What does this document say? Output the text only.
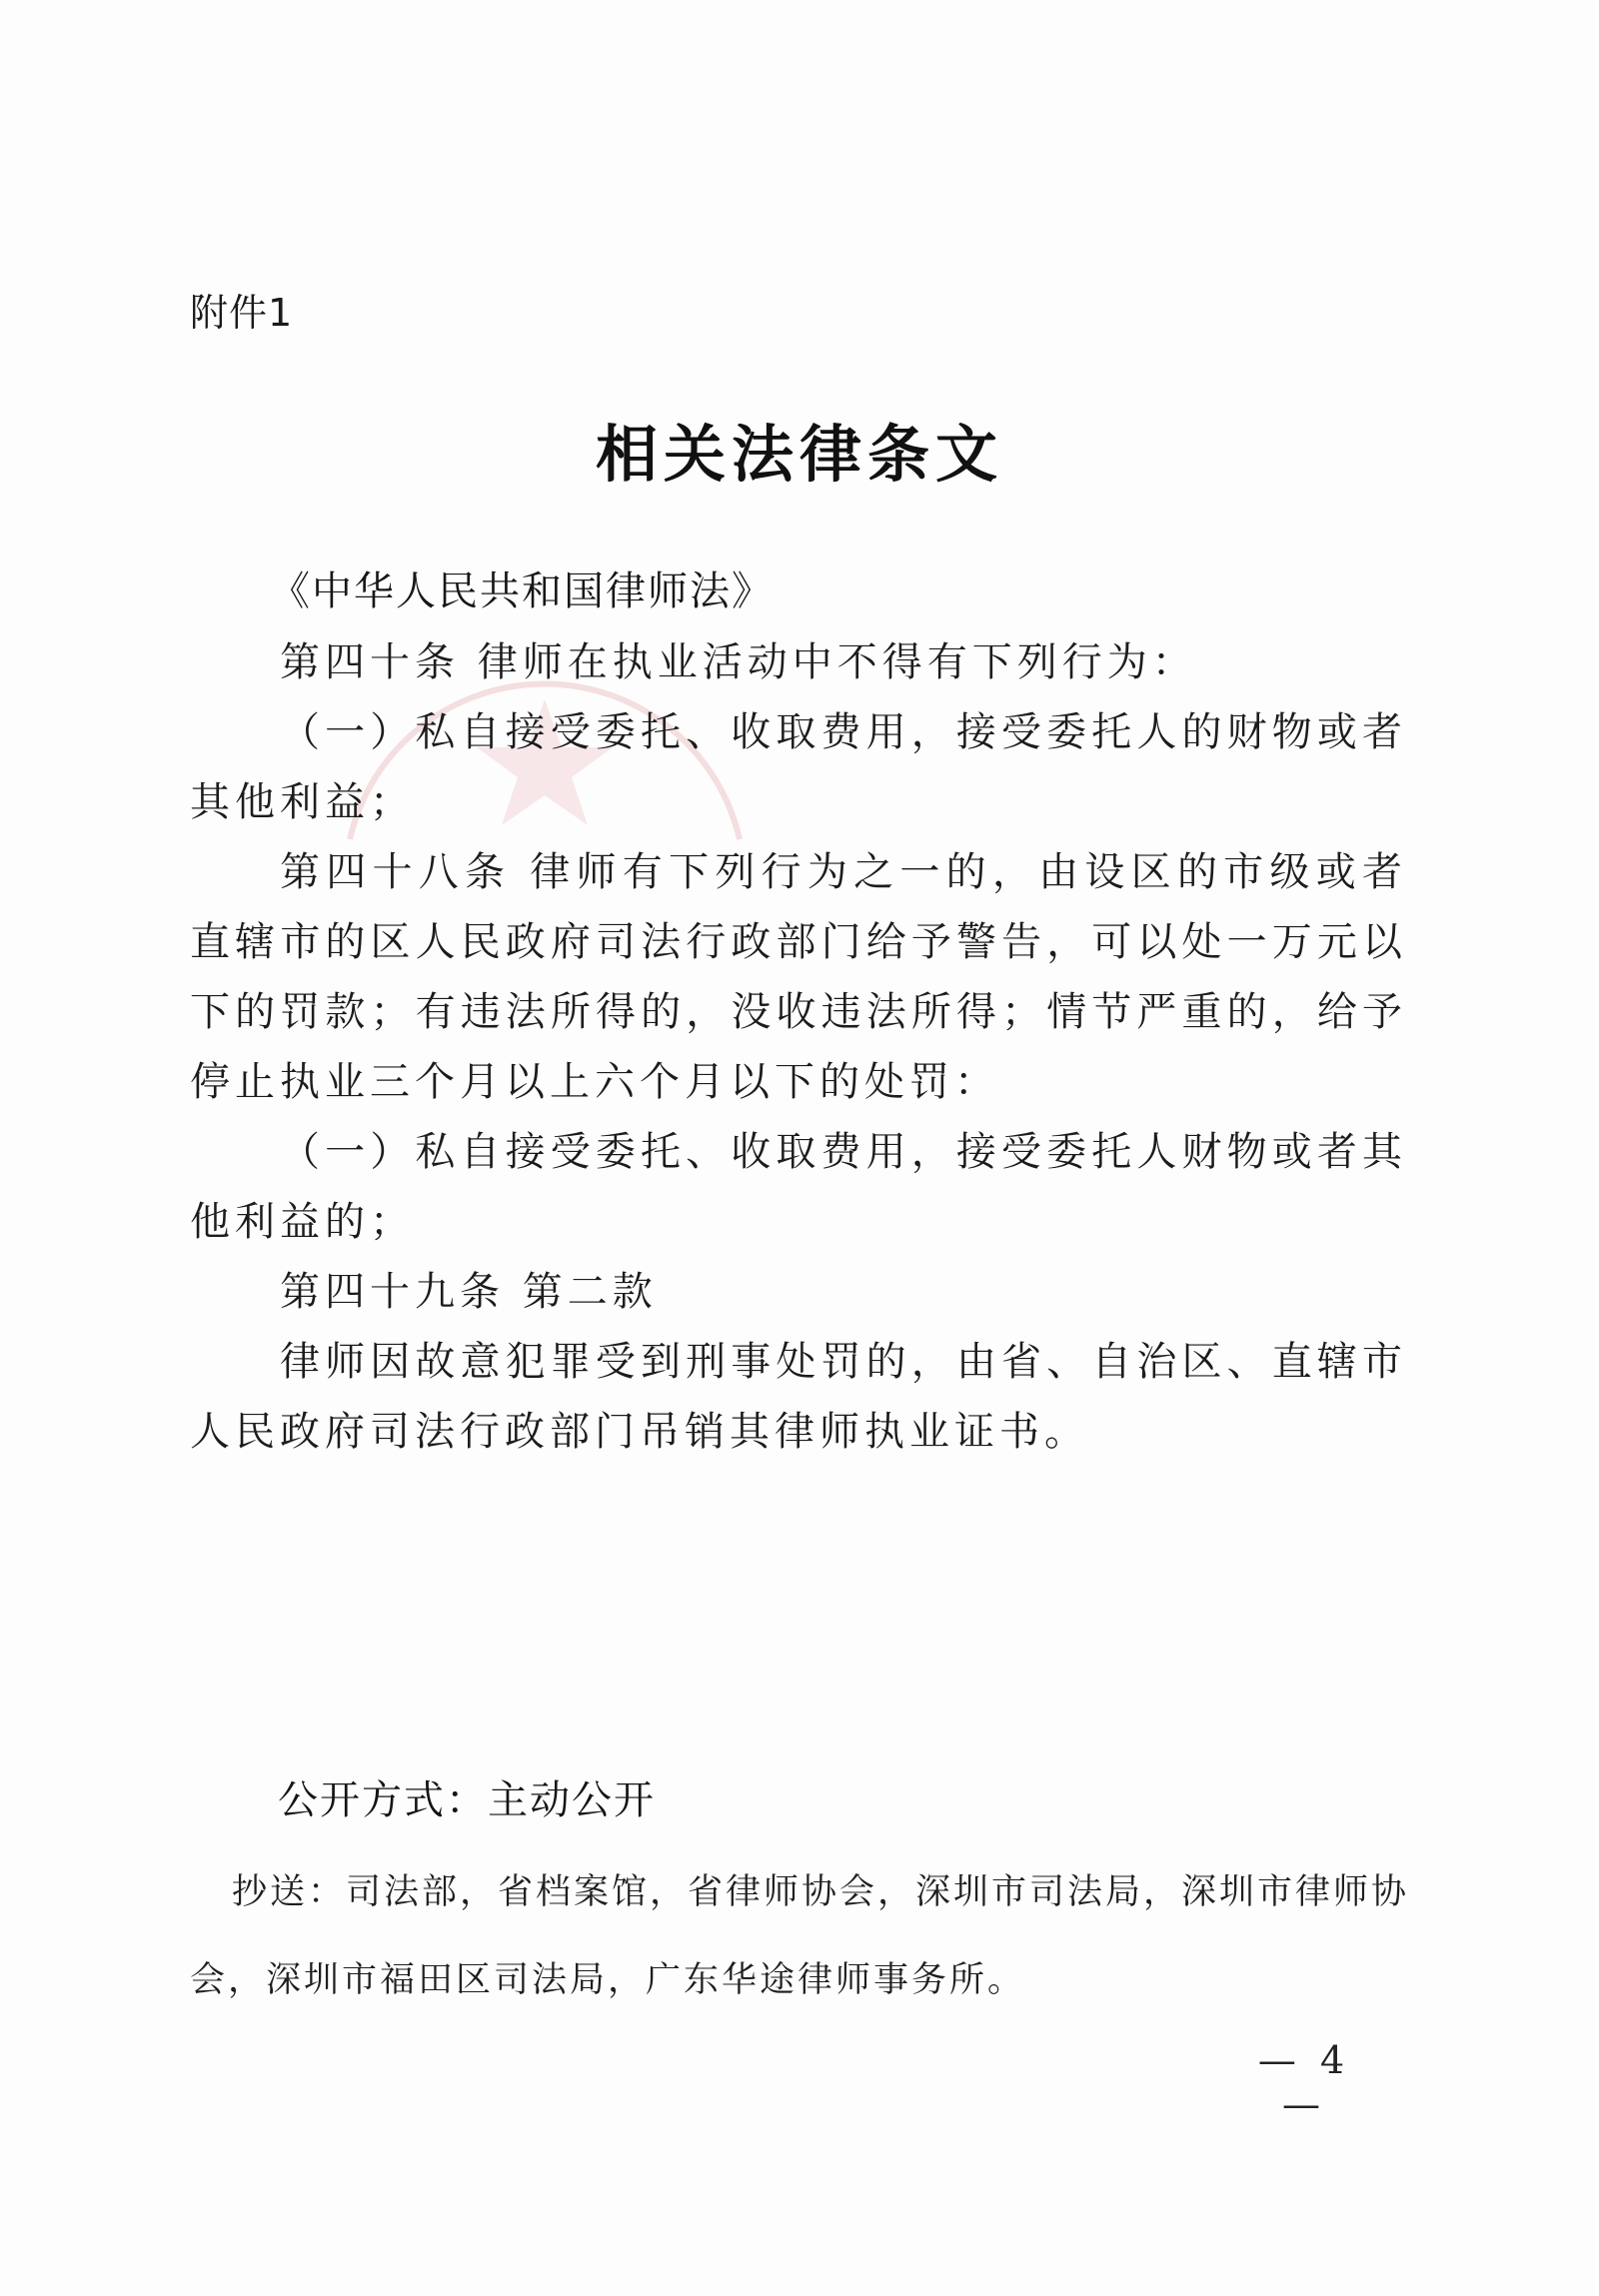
附件1
相关法律条文
《中华人民共和国律师法》

第四十条 律师在执业活动中不得有下列行为：

（一）私自接受委托、收取费用，接受委托人的财物或者其他利益；

第四十八条 律师有下列行为之一的，由设区的市级或者直辖市的区人民政府司法行政部门给予警告，可以处一万元以下的罚款；有违法所得的，没收违法所得；情节严重的，给予停止执业三个月以上六个月以下的处罚：

（一）私自接受委托、收取费用，接受委托人财物或者其他利益的；

第四十九条 第二款

律师因故意犯罪受到刑事处罚的，由省、自治区、直辖市人民政府司法行政部门吊销其律师执业证书。

公开方式：主动公开

抄送：司法部，省档案馆，省律师协会，深圳市司法局，深圳市律师协会，深圳市福田区司法局，广东华途律师事务所。

— 4 —
